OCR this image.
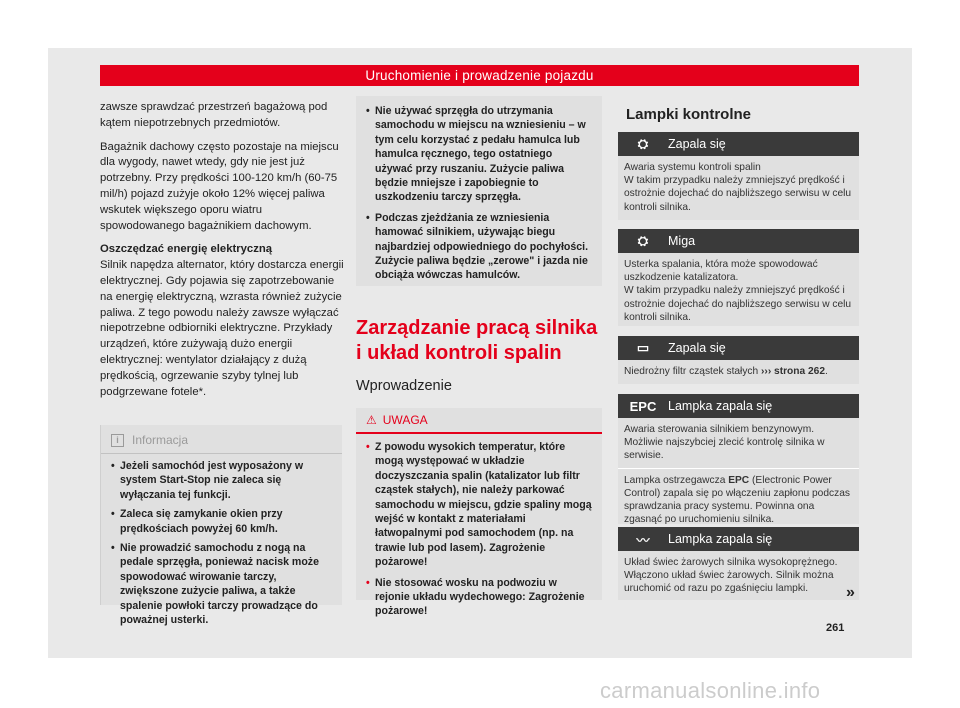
Uruchomienie i prowadzenie pojazdu

zawsze sprawdzać przestrzeń bagażową pod kątem niepotrzebnych przedmiotów.

Bagażnik dachowy często pozostaje na miejscu dla wygody, nawet wtedy, gdy nie jest już potrzebny. Przy prędkości 100-120 km/h (60-75 mil/h) pojazd zużyje około 12% więcej paliwa wskutek większego oporu wiatru spowodowanego bagażnikiem dachowym.

Oszczędzać energię elektryczną

Silnik napędza alternator, który dostarcza energii elektrycznej. Gdy pojawia się zapotrzebowanie na energię elektryczną, wzrasta również zużycie paliwa. Z tego powodu należy zawsze wyłączać niepotrzebne odbiorniki elektryczne. Przykłady urządzeń, które zużywają dużo energii elektrycznej: wentylator działający z dużą prędkością, ogrzewanie szyby tylnej lub podgrzewane fotele*.

i	Informacja
• Jeżeli samochód jest wyposażony w system Start-Stop nie zaleca się wyłączania tej funkcji.
• Zaleca się zamykanie okien przy prędkościach powyżej 60 km/h.
• Nie prowadzić samochodu z nogą na pedale sprzęgła, ponieważ nacisk może spowodować wirowanie tarczy, zwiększone zużycie paliwa, a także spalenie powłoki tarczy prowadzące do poważnej usterki.
• Nie używać sprzęgła do utrzymania samochodu w miejscu na wzniesieniu – w tym celu korzystać z pedału hamulca lub hamulca ręcznego, tego ostatniego używać przy ruszaniu. Zużycie paliwa będzie mniejsze i zapobiegnie to uszkodzeniu tarczy sprzęgła.
• Podczas zjeżdżania ze wzniesienia hamować silnikiem, używając biegu najbardziej odpowiedniego do pochyłości. Zużycie paliwa będzie „zerowe" i jazda nie obciąża wówczas hamulców.
Zarządzanie pracą silnika i układ kontroli spalin
Wprowadzenie
⚠ UWAGA
• Z powodu wysokich temperatur, które mogą występować w układzie doczyszczania spalin (katalizator lub filtr cząstek stałych), nie należy parkować samochodu w miejscu, gdzie spaliny mogą wejść w kontakt z materiałami łatwopalnymi pod samochodem (np. na trawie lub pod lasem). Zagrożenie pożarowe!
• Nie stosować wosku na podwoziu w rejonie układu wydechowego: Zagrożenie pożarowe!
Lampki kontrolne
⛭	Zapala się

Awaria systemu kontroli spalin

W takim przypadku należy zmniejszyć prędkość i ostrożnie dojechać do najbliższego serwisu w celu kontroli silnika.

⛭	Miga

Usterka spalania, która może spowodować uszkodzenie katalizatora.

W takim przypadku należy zmniejszyć prędkość i ostrożnie dojechać do najbliższego serwisu w celu kontroli silnika.

▭	Zapala się

Niedrożny filtr cząstek stałych ››› strona 262.

EPC Lampka zapala się

Awaria sterowania silnikiem benzynowym.

Możliwie najszybciej zlecić kontrolę silnika w serwisie.

Lampka ostrzegawcza EPC (Electronic Power Control) zapala się po włączeniu zapłonu podczas sprawdzania pracy systemu. Powinna ona zgasnąć po uruchomieniu silnika.

〰	Lampka zapala się

Układ świec żarowych silnika wysokoprężnego.

Włączono układ świec żarowych. Silnik można uruchomić od razu po zgaśnięciu lampki.	»
261
carmanualsonline.info
